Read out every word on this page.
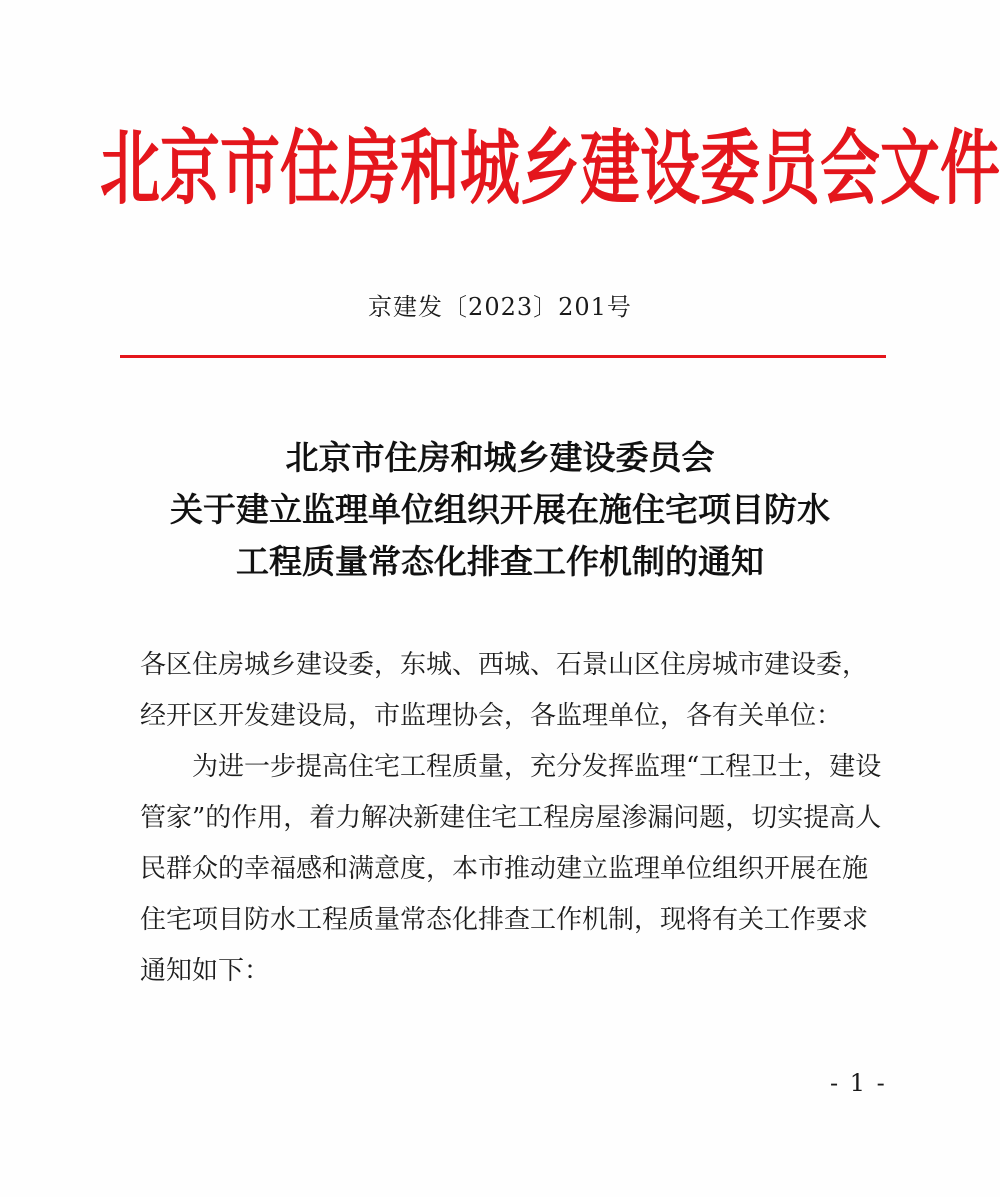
北京市住房和城乡建设委员会文件
京建发〔2023〕201号
北京市住房和城乡建设委员会
关于建立监理单位组织开展在施住宅项目防水
工程质量常态化排查工作机制的通知

各区住房城乡建设委，东城、西城、石景山区住房城市建设委，经开区开发建设局，市监理协会，各监理单位，各有关单位：

为进一步提高住宅工程质量，充分发挥监理“工程卫士，建设管家”的作用，着力解决新建住宅工程房屋渗漏问题，切实提高人民群众的幸福感和满意度，本市推动建立监理单位组织开展在施住宅项目防水工程质量常态化排查工作机制，现将有关工作要求通知如下：

- 1 -
